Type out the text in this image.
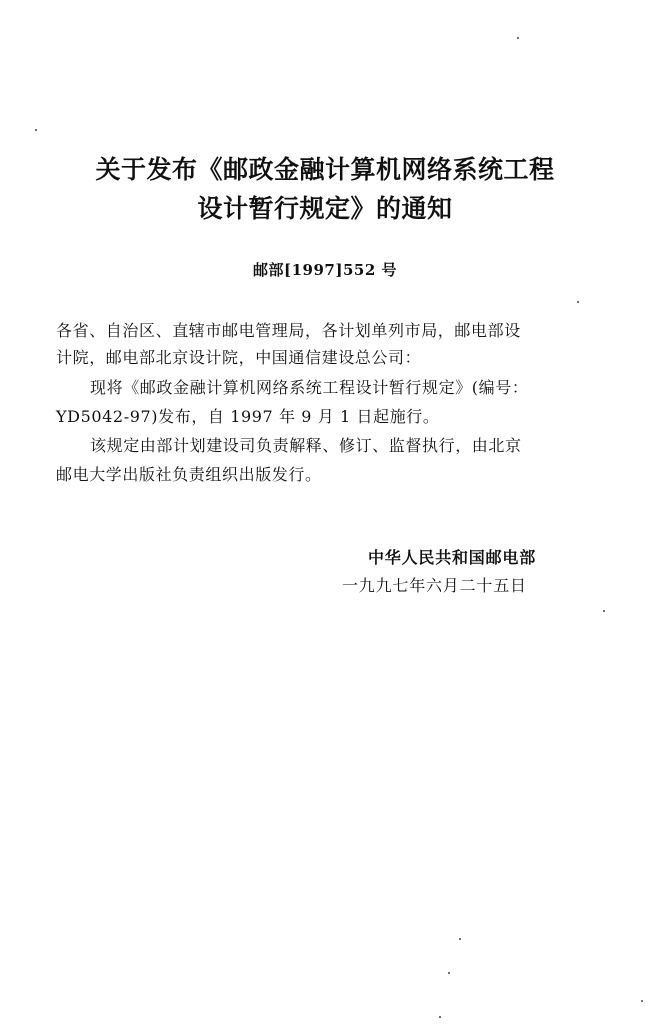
关于发布《邮政金融计算机网络系统工程
设计暂行规定》的通知
邮部[1997]552 号
各省、自治区、直辖市邮电管理局，各计划单列市局，邮电部设
计院，邮电部北京设计院，中国通信建设总公司：
现将《邮政金融计算机网络系统工程设计暂行规定》(编号：
YD5042-97)发布，自 1997 年 9 月 1 日起施行。
该规定由部计划建设司负责解释、修订、监督执行，由北京
邮电大学出版社负责组织出版发行。
中华人民共和国邮电部
一九九七年六月二十五日
